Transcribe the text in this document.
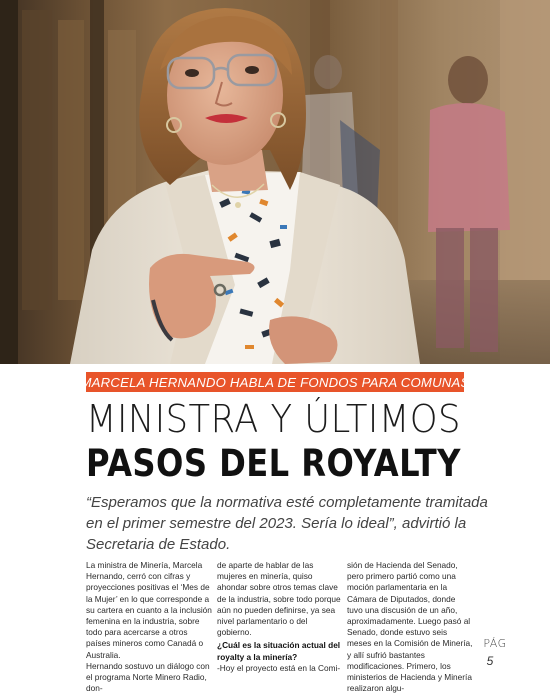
MARCELA HERNANDO HABLA DE FONDOS PARA COMUNAS
MINISTRA Y ÚLTIMOS
PASOS DEL ROYALTY
“Esperamos que la normativa esté completamente tramitada en el primer semestre del 2023. Sería lo ideal”, advirtió la Secretaria de Estado.

La ministra de Minería, Marcela Hernando, cerró con cifras y proyecciones positivas el ‘Mes de la Mujer’ en lo que corresponde a su cartera en cuanto a la inclusión femenina en la industria, sobre todo para acercarse a otros países mineros como Canadá o Australia.

Hernando sostuvo un diálogo con el programa Norte Minero Radio, don-

de aparte de hablar de las mujeres en minería, quiso ahondar sobre otros temas clave de la industria, sobre todo porque aún no pueden definirse, ya sea nivel parlamentario o del gobierno.

¿Cuál es la situación actual del royalty a la minería?

-Hoy el proyecto está en la Comi-

sión de Hacienda del Senado, pero primero partió como una moción parlamentaria en la Cámara de Diputados, donde tuvo una discusión de un año, aproximadamente. Luego pasó al Senado, donde estuvo seis meses en la Comisión de Minería, y allí sufrió bastantes modificaciones. Primero, los ministerios de Hacienda y Minería realizaron algu-

PÁG
5
